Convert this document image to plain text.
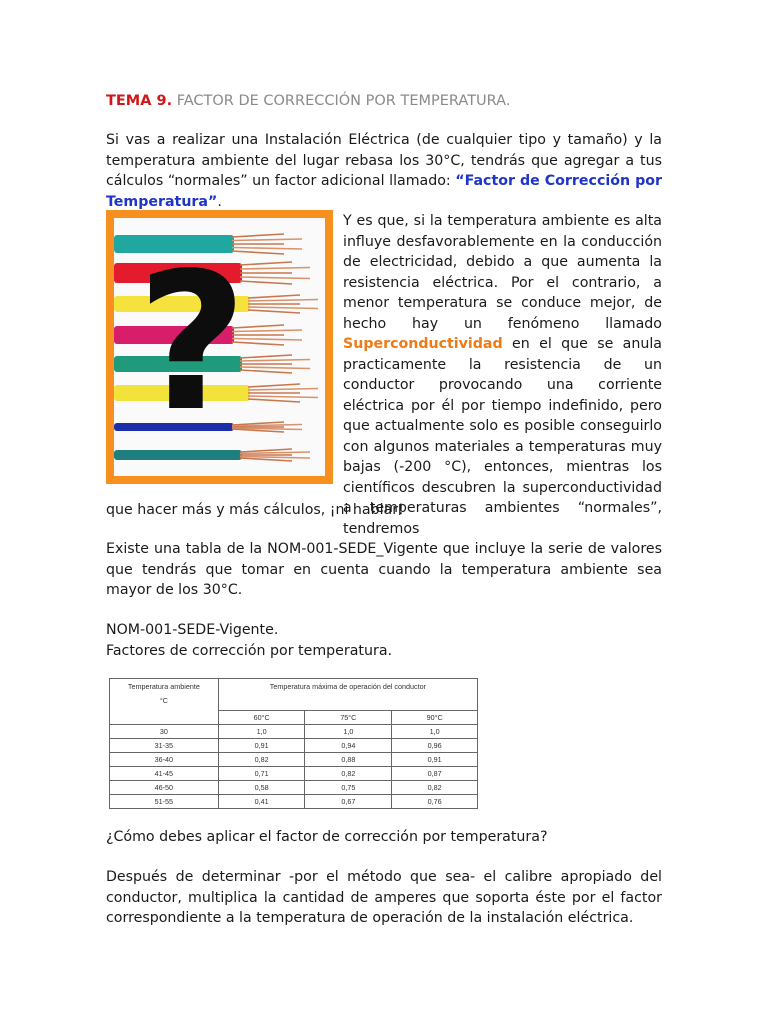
TEMA 9. FACTOR DE CORRECCIÓN POR TEMPERATURA.

Si vas a realizar una Instalación Eléctrica (de cualquier tipo y tamaño) y la temperatura ambiente del lugar rebasa los 30°C, tendrás que agregar a tus cálculos “normales” un factor adicional llamado: “Factor de Corrección por Temperatura”.

?

Y es que, si la temperatura ambiente es alta influye desfavorablemente en la conducción de electricidad, debido a que aumenta la resistencia eléctrica. Por el contrario, a menor temperatura se conduce mejor, de hecho hay un fenómeno llamado Superconductividad en el que se anula practicamente la resistencia de un conductor provocando una corriente eléctrica por él por tiempo indefinido, pero que actualmente solo es posible conseguirlo con algunos materiales a temperaturas muy bajas (-200 °C), entonces, mientras los científicos descubren la superconductividad a temperaturas ambientes “normales”, tendremos

que hacer más y más cálculos, ¡ni hablar!

Existe una tabla de la NOM-001-SEDE_Vigente que incluye la serie de valores que tendrás que tomar en cuenta cuando la temperatura ambiente sea mayor de los 30°C.

NOM-001-SEDE-Vigente.
Factores de corrección por temperatura.
Temperatura ambiente
°C	Temperatura máxima de operación del conductor		
	60°C	75°C	90°C
30	1,0	1,0	1,0
31-35	0,91	0,94	0,96
36-40	0,82	0,88	0,91
41-45	0,71	0,82	0,87
46-50	0,58	0,75	0,82
51-55	0,41	0,67	0,76

¿Cómo debes aplicar el factor de corrección por temperatura?

Después de determinar -por el método que sea- el calibre apropiado del conductor, multiplica la cantidad de amperes que soporta éste por el factor correspondiente a la temperatura de operación de la instalación eléctrica.
